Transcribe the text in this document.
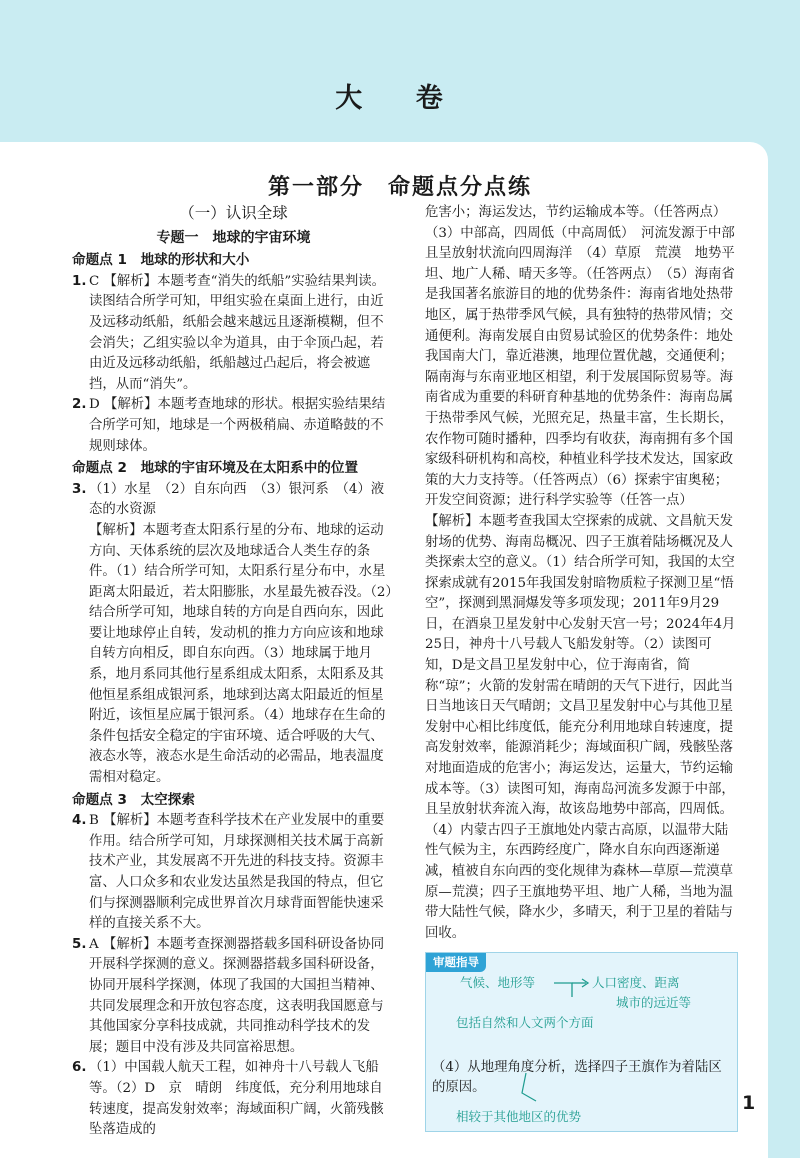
大 卷
第一部分　命题点分点练
（一）认识全球
专题一　地球的宇宙环境
命题点 1　地球的形状和大小
1. C 【解析】本题考查“消失的纸船”实验结果判读。读图结合所学可知，甲组实验在桌面上进行，由近及远移动纸船，纸船会越来越远且逐渐模糊，但不会消失；乙组实验以伞为道具，由于伞顶凸起，若由近及远移动纸船，纸船越过凸起后，将会被遮挡，从而“消失”。

2. D 【解析】本题考查地球的形状。根据实验结果结合所学可知，地球是一个两极稍扁、赤道略鼓的不规则球体。

命题点 2　地球的宇宙环境及在太阳系中的位置
3. （1）水星　（2）自东向西　（3）银河系　（4）液态的水资源

【解析】本题考查太阳系行星的分布、地球的运动方向、天体系统的层次及地球适合人类生存的条件。（1）结合所学可知，太阳系行星分布中，水星距离太阳最近，若太阳膨胀，水星最先被吞没。（2）结合所学可知，地球自转的方向是自西向东，因此要让地球停止自转，发动机的推力方向应该和地球自转方向相反，即自东向西。（3）地球属于地月系，地月系同其他行星系组成太阳系，太阳系及其他恒星系组成银河系，地球到达离太阳最近的恒星附近，该恒星应属于银河系。（4）地球存在生命的条件包括安全稳定的宇宙环境、适合呼吸的大气、液态水等，液态水是生命活动的必需品，地表温度需相对稳定。

命题点 3　太空探索
4. B 【解析】本题考查科学技术在产业发展中的重要作用。结合所学可知，月球探测相关技术属于高新技术产业，其发展离不开先进的科技支持。资源丰富、人口众多和农业发达虽然是我国的特点，但它们与探测器顺利完成世界首次月球背面智能快速采样的直接关系不大。

5. A 【解析】本题考查探测器搭载多国科研设备协同开展科学探测的意义。探测器搭载多国科研设备，协同开展科学探测，体现了我国的大国担当精神、共同发展理念和开放包容态度，这表明我国愿意与其他国家分享科技成就，共同推动科学技术的发展；题目中没有涉及共同富裕思想。

6. （1）中国载人航天工程，如神舟十八号载人飞船等。（2）D　京　晴朗　纬度低，充分利用地球自转速度，提高发射效率；海域面积广阔，火箭残骸坠落造成的

危害小；海运发达，节约运输成本等。（任答两点）（3）中部高，四周低（中高周低）　河流发源于中部且呈放射状流向四周海洋　（4）草原　荒漠　地势平坦、地广人稀、晴天多等。（任答两点）　（5）海南省是我国著名旅游目的地的优势条件：海南省地处热带地区，属于热带季风气候，具有独特的热带风情；交通便利。海南发展自由贸易试验区的优势条件：地处我国南大门，靠近港澳，地理位置优越，交通便利；隔南海与东南亚地区相望，利于发展国际贸易等。海南省成为重要的科研育种基地的优势条件：海南岛属于热带季风气候，光照充足，热量丰富，生长期长，农作物可随时播种，四季均有收获，海南拥有多个国家级科研机构和高校，种植业科学技术发达，国家政策的大力支持等。（任答两点）（6）探索宇宙奥秘；开发空间资源；进行科学实验等（任答一点）

【解析】本题考查我国太空探索的成就、文昌航天发射场的优势、海南岛概况、四子王旗着陆场概况及人类探索太空的意义。（1）结合所学可知，我国的太空探索成就有2015年我国发射暗物质粒子探测卫星“悟空”，探测到黑洞爆发等多项发现；2011年9月29日，在酒泉卫星发射中心发射天宫一号；2024年4月25日，神舟十八号载人飞船发射等。（2）读图可知，D是文昌卫星发射中心，位于海南省，简称“琼”；火箭的发射需在晴朗的天气下进行，因此当日当地该日天气晴朗；文昌卫星发射中心与其他卫星发射中心相比纬度低，能充分利用地球自转速度，提高发射效率，能源消耗少；海域面积广阔，残骸坠落对地面造成的危害小；海运发达，运量大，节约运输成本等。（3）读图可知，海南岛河流多发源于中部，且呈放射状奔流入海，故该岛地势中部高，四周低。（4）内蒙古四子王旗地处内蒙古高原，以温带大陆性气候为主，东西跨经度广，降水自东向西逐渐递减，植被自东向西的变化规律为森林—草原—荒漠草原—荒漠；四子王旗地势平坦、地广人稀，当地为温带大陆性气候，降水少，多晴天，利于卫星的着陆与回收。

审题指导
气候、地形等	人口密度、距离
城市的远近等
包括自然和人文两个方面

（4）从地理角度分析，选择四子王旗作为着陆区的原因。

相较于其他地区的优势
1
